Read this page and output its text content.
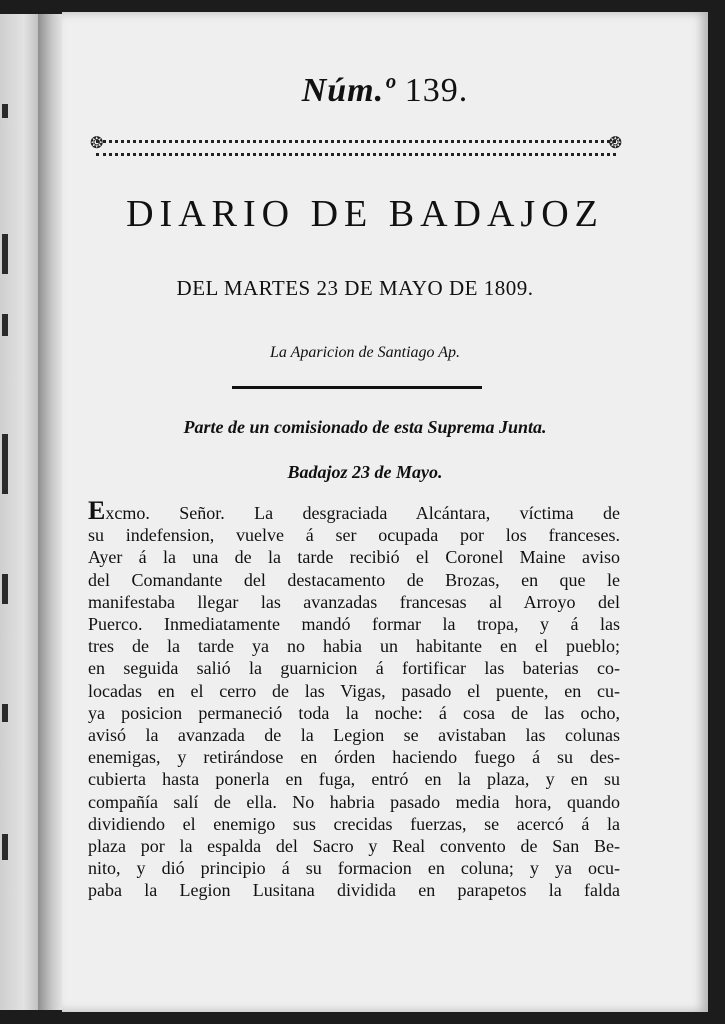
Núm.º 139.
❂ ❂
DIARIO DE BADAJOZ
DEL MARTES 23 DE MAYO DE 1809.
La Aparicion de Santiago Ap.
Parte de un comisionado de esta Suprema Junta.
Badajoz 23 de Mayo.
Excmo. Señor. La desgraciada Alcántara, víctima de
su indefension, vuelve á ser ocupada por los franceses.
Ayer á la una de la tarde recibió el Coronel Maine aviso
del Comandante del destacamento de Brozas, en que le
manifestaba llegar las avanzadas francesas al Arroyo del
Puerco. Inmediatamente mandó formar la tropa, y á las
tres de la tarde ya no habia un habitante en el pueblo;
en seguida salió la guarnicion á fortificar las baterias co-
locadas en el cerro de las Vigas, pasado el puente, en cu-
ya posicion permaneció toda la noche: á cosa de las ocho,
avisó la avanzada de la Legion se avistaban las colunas
enemigas, y retirándose en órden haciendo fuego á su des-
cubierta hasta ponerla en fuga, entró en la plaza, y en su
compañía salí de ella. No habria pasado media hora, quando
dividiendo el enemigo sus crecidas fuerzas, se acercó á la
plaza por la espalda del Sacro y Real convento de San Be-
nito, y dió principio á su formacion en coluna; y ya ocu-
paba la Legion Lusitana dividida en parapetos la falda
